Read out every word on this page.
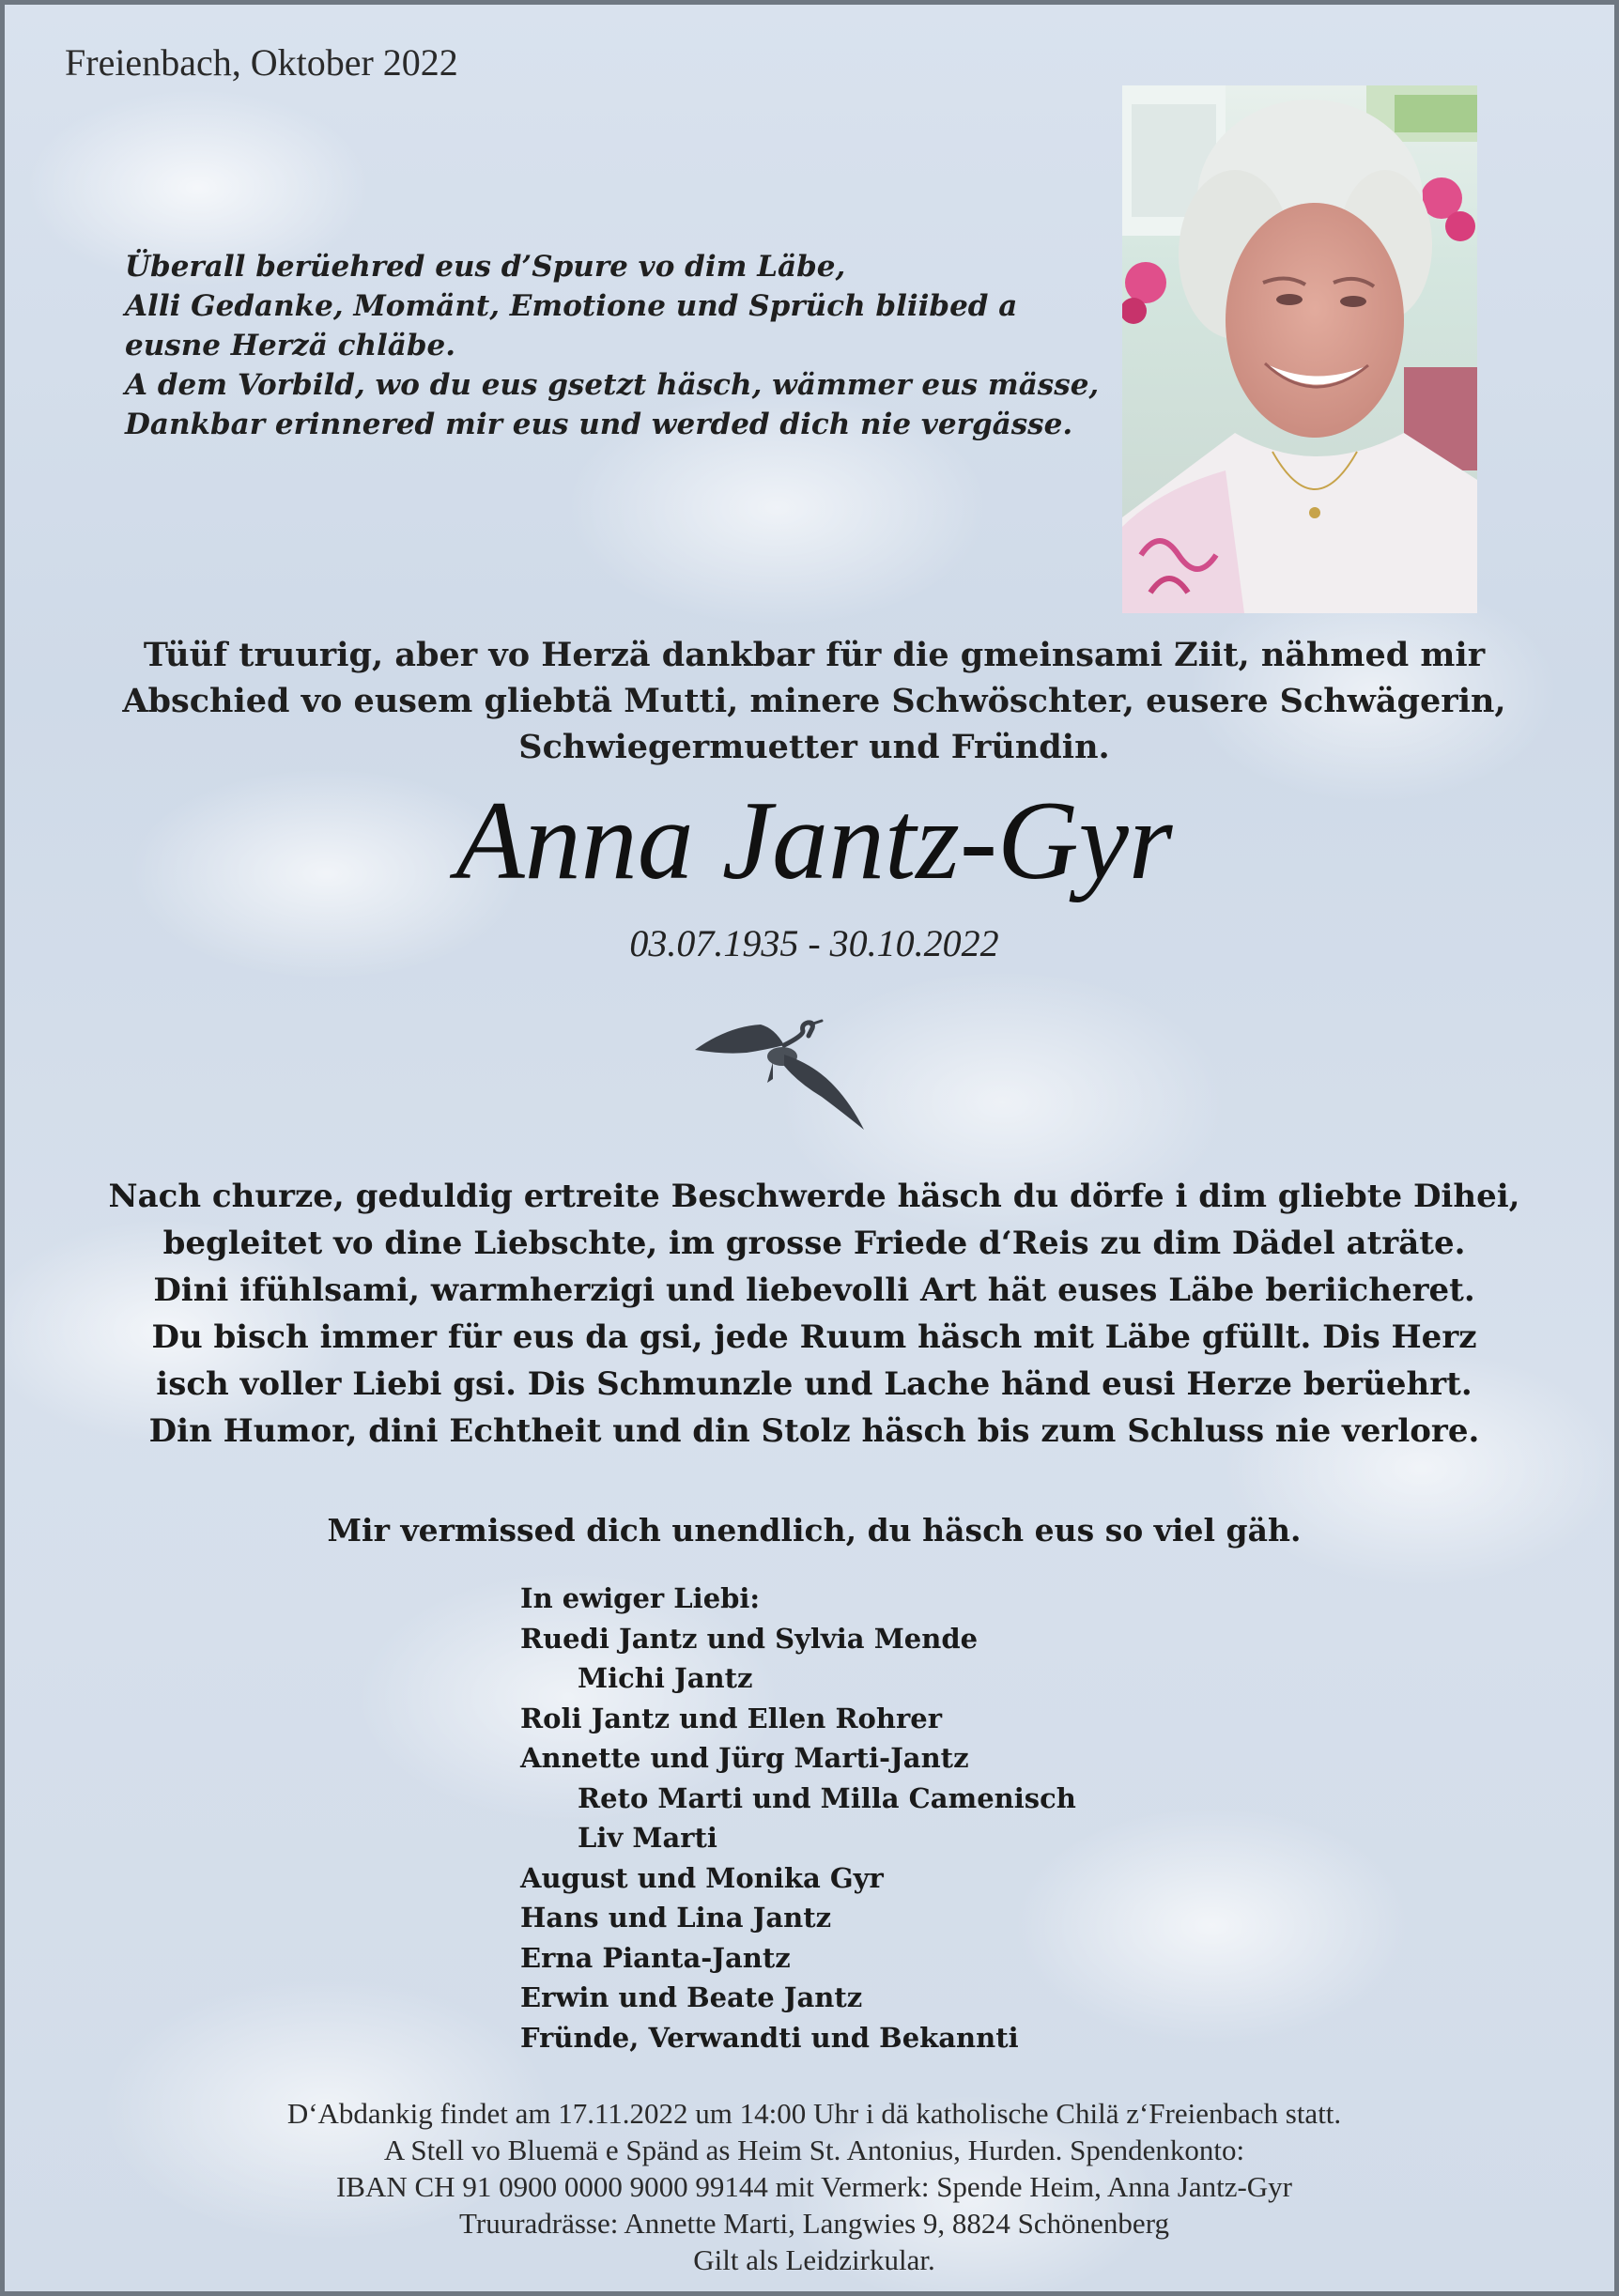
Freienbach, Oktober 2022
Überall berüehred eus d’Spure vo dim Läbe,
Alli Gedanke, Momänt, Emotione und Sprüch bliibed a
eusne Herzä chläbe.
A dem Vorbild, wo du eus gsetzt häsch, wämmer eus mässe,
Dankbar erinnered mir eus und werded dich nie vergässe.
Tüüf truurig, aber vo Herzä dankbar für die gmeinsami Ziit, nähmed mir
Abschied vo eusem gliebtä Mutti, minere Schwöschter, eusere Schwägerin,
Schwiegermuetter und Fründin.
Anna Jantz-Gyr
03.07.1935 - 30.10.2022
Nach churze, geduldig ertreite Beschwerde häsch du dörfe i dim gliebte Dihei,
begleitet vo dine Liebschte, im grosse Friede d‘Reis zu dim Dädel aträte.
Dini ifühlsami, warmherzigi und liebevolli Art hät euses Läbe beriicheret.
Du bisch immer für eus da gsi, jede Ruum häsch mit Läbe gfüllt. Dis Herz
isch voller Liebi gsi. Dis Schmunzle und Lache händ eusi Herze berüehrt.
Din Humor, dini Echtheit und din Stolz häsch bis zum Schluss nie verlore.
Mir vermissed dich unendlich, du häsch eus so viel gäh.
In ewiger Liebi:
Ruedi Jantz und Sylvia Mende
Michi Jantz
Roli Jantz und Ellen Rohrer
Annette und Jürg Marti-Jantz
Reto Marti und Milla Camenisch
Liv Marti
August und Monika Gyr
Hans und Lina Jantz
Erna Pianta-Jantz
Erwin und Beate Jantz
Fründe, Verwandti und Bekannti
D‘Abdankig findet am 17.11.2022 um 14:00 Uhr i dä katholische Chilä z‘Freienbach statt.
A Stell vo Bluemä e Spänd as Heim St. Antonius, Hurden. Spendenkonto:
IBAN CH 91 0900 0000 9000 99144 mit Vermerk: Spende Heim, Anna Jantz-Gyr
Truuradrässe: Annette Marti, Langwies 9, 8824 Schönenberg
Gilt als Leidzirkular.
